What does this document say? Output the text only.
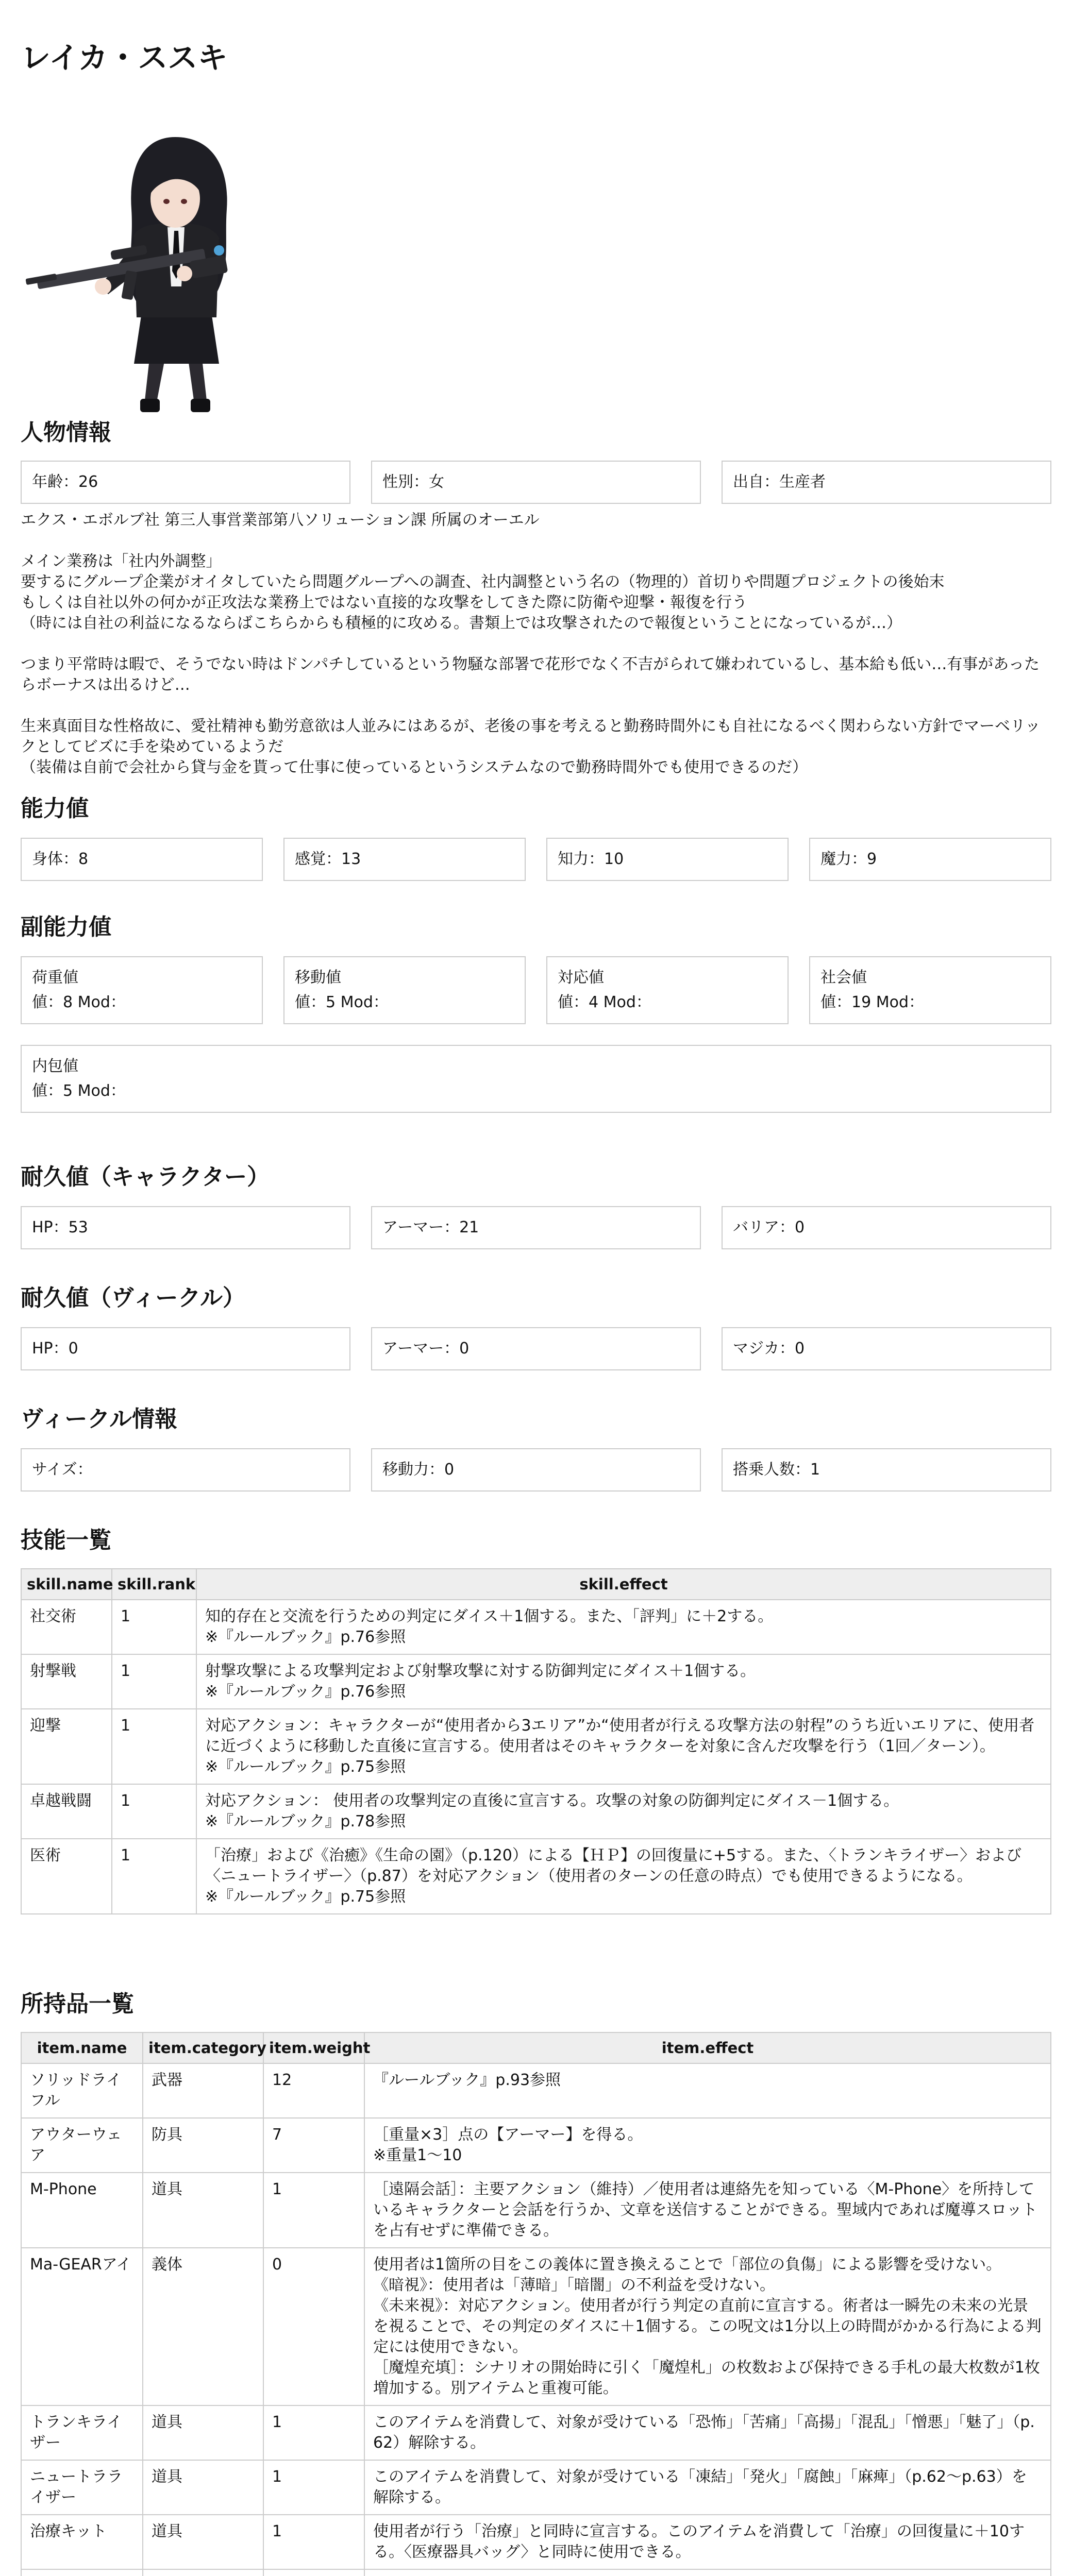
レイカ・ススキ
人物情報
年齢：26	性別：女	出自：生産者
エクス・エボルブ社 第三人事営業部第八ソリューション課 所属のオーエル

メイン業務は「社内外調整」
要するにグループ企業がオイタしていたら問題グループへの調査、社内調整という名の（物理的）首切りや問題プロジェクトの後始末
もしくは自社以外の何かが正攻法な業務上ではない直接的な攻撃をしてきた際に防衛や迎撃・報復を行う
（時には自社の利益になるならばこちらからも積極的に攻める。書類上では攻撃されたので報復ということになっているが…）

つまり平常時は暇で、そうでない時はドンパチしているという物騒な部署で花形でなく不吉がられて嫌われているし、基本給も低い…有事があったらボーナスは出るけど…

生来真面目な性格故に、愛社精神も勤労意欲は人並みにはあるが、老後の事を考えると勤務時間外にも自社になるべく関わらない方針でマーベリックとしてビズに手を染めているようだ
（装備は自前で会社から貸与金を貰って仕事に使っているというシステムなので勤務時間外でも使用できるのだ）
能力値
身体：8	感覚：13	知力：10	魔力：9
副能力値
荷重値
値：8 Mod：
移動値
値：5 Mod：
対応値
値：4 Mod：
社会値
値：19 Mod：
内包値
値：5 Mod：
耐久値（キャラクター）
HP：53	アーマー：21	バリア：0
耐久値（ヴィークル）
HP：0	アーマー：0	マジカ：0
ヴィークル情報
サイズ：	移動力：0	搭乗人数：1
技能一覧
skill.name	skill.rank	skill.effect
社交術	1	知的存在と交流を行うための判定にダイス＋1個する。また、「評判」に＋2する。
※『ルールブック』p.76参照
射撃戦	1	射撃攻撃による攻撃判定および射撃攻撃に対する防御判定にダイス＋1個する。
※『ルールブック』p.76参照
迎撃	1	対応アクション：キャラクターが“使用者から3エリア”か“使用者が行える攻撃方法の射程”のうち近いエリアに、使用者に近づくように移動した直後に宣言する。使用者はそのキャラクターを対象に含んだ攻撃を行う（1回／ターン）。
※『ルールブック』p.75参照
卓越戦闘	1	対応アクション： 使用者の攻撃判定の直後に宣言する。攻撃の対象の防御判定にダイス－1個する。
※『ルールブック』p.78参照
医術	1	「治療」および《治癒》《生命の園》（p.120）による【ＨＰ】の回復量に+5する。また、〈トランキライザー〉および〈ニュートライザー〉（p.87）を対応アクション（使用者のターンの任意の時点）でも使用できるようになる。
※『ルールブック』p.75参照
所持品一覧
item.name	item.category	item.weight	item.effect
ソリッドライフル	武器	12	『ルールブック』p.93参照
アウターウェア	防具	7	［重量×3］点の【アーマー】を得る。
※重量1～10
M-Phone	道具	1	［遠隔会話］：主要アクション（維持）／使用者は連絡先を知っている〈M-Phone〉を所持しているキャラクターと会話を行うか、文章を送信することができる。聖域内であれば魔導スロットを占有せずに準備できる。
Ma-GEARアイ	義体	0	使用者は1箇所の目をこの義体に置き換えることで「部位の負傷」による影響を受けない。
《暗視》：使用者は「薄暗」「暗闇」の不利益を受けない。
《未来視》：対応アクション。使用者が行う判定の直前に宣言する。術者は一瞬先の未来の光景を視ることで、その判定のダイスに＋1個する。この呪文は1分以上の時間がかかる行為による判定には使用できない。
［魔煌充填］：シナリオの開始時に引く「魔煌札」の枚数および保持できる手札の最大枚数が1枚増加する。別アイテムと重複可能。
トランキライザー	道具	1	このアイテムを消費して、対象が受けている「恐怖」「苦痛」「高揚」「混乱」「憎悪」「魅了」（p.62）解除する。
ニュートラライザー	道具	1	このアイテムを消費して、対象が受けている「凍結」「発火」「腐蝕」「麻痺」（p.62～p.63）を解除する。
治療キット	道具	1	使用者が行う「治療」と同時に宣言する。このアイテムを消費して「治療」の回復量に＋10する。〈医療器具バッグ〉と同時に使用できる。
